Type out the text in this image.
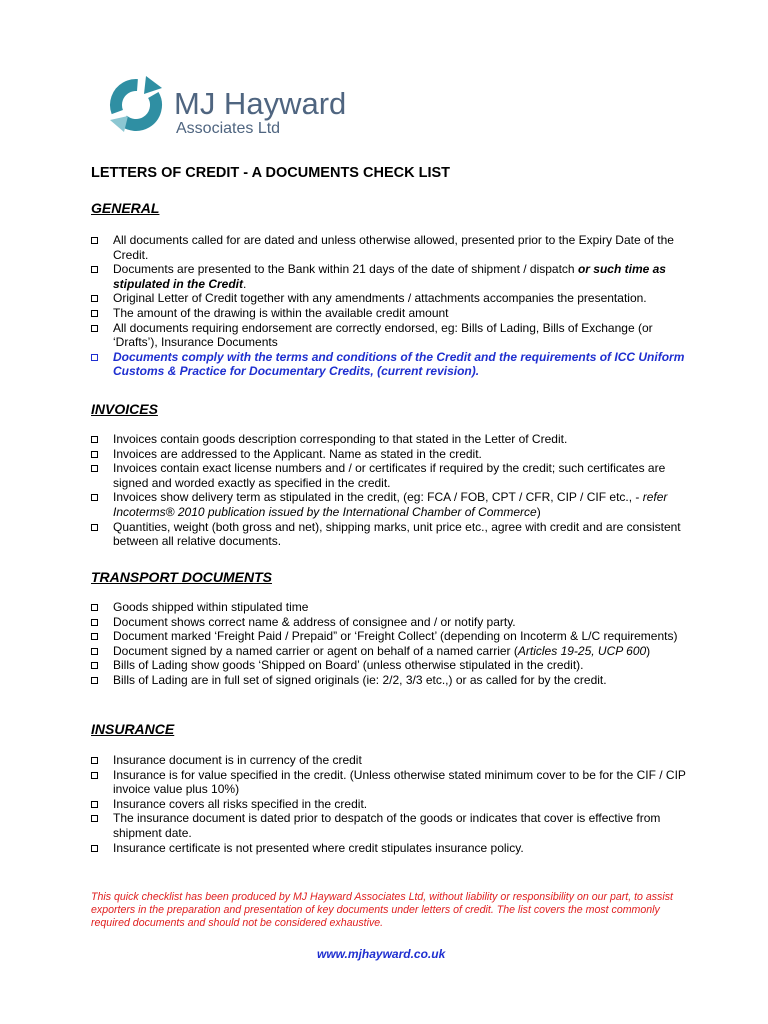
MJ Hayward
Associates Ltd
LETTERS OF CREDIT - A DOCUMENTS CHECK LIST
GENERAL
All documents called for are dated and unless otherwise allowed, presented prior to the Expiry Date of the Credit.
Documents are presented to the Bank within 21 days of the date of shipment / dispatch or such time as stipulated in the Credit.
Original Letter of Credit together with any amendments / attachments accompanies the presentation.
The amount of the drawing is within the available credit amount
All documents requiring endorsement are correctly endorsed, eg: Bills of Lading, Bills of Exchange (or ‘Drafts’), Insurance Documents
Documents comply with the terms and conditions of the Credit and the requirements of ICC Uniform Customs & Practice for Documentary Credits, (current revision).
INVOICES
Invoices contain goods description corresponding to that stated in the Letter of Credit.
Invoices are addressed to the Applicant. Name as stated in the credit.
Invoices contain exact license numbers and / or certificates if required by the credit; such certificates are signed and worded exactly as specified in the credit.
Invoices show delivery term as stipulated in the credit, (eg: FCA / FOB, CPT / CFR, CIP / CIF etc., - refer Incoterms® 2010 publication issued by the International Chamber of Commerce)
Quantities, weight (both gross and net), shipping marks, unit price etc., agree with credit and are consistent between all relative documents.
TRANSPORT DOCUMENTS
Goods shipped within stipulated time
Document shows correct name & address of consignee and / or notify party.
Document marked ‘Freight Paid / Prepaid” or ‘Freight Collect’ (depending on Incoterm & L/C requirements)
Document signed by a named carrier or agent on behalf of a named carrier (Articles 19-25, UCP 600)
Bills of Lading show goods ‘Shipped on Board’ (unless otherwise stipulated in the credit).
Bills of Lading are in full set of signed originals (ie: 2/2, 3/3 etc.,) or as called for by the credit.
INSURANCE
Insurance document is in currency of the credit
Insurance is for value specified in the credit. (Unless otherwise stated minimum cover to be for the CIF / CIP invoice value plus 10%)
Insurance covers all risks specified in the credit.
The insurance document is dated prior to despatch of the goods or indicates that cover is effective from shipment date.
Insurance certificate is not presented where credit stipulates insurance policy.
This quick checklist has been produced by MJ Hayward Associates Ltd, without liability or responsibility on our part, to assist exporters in the preparation and presentation of key documents under letters of credit. The list covers the most commonly required documents and should not be considered exhaustive.
www.mjhayward.co.uk
